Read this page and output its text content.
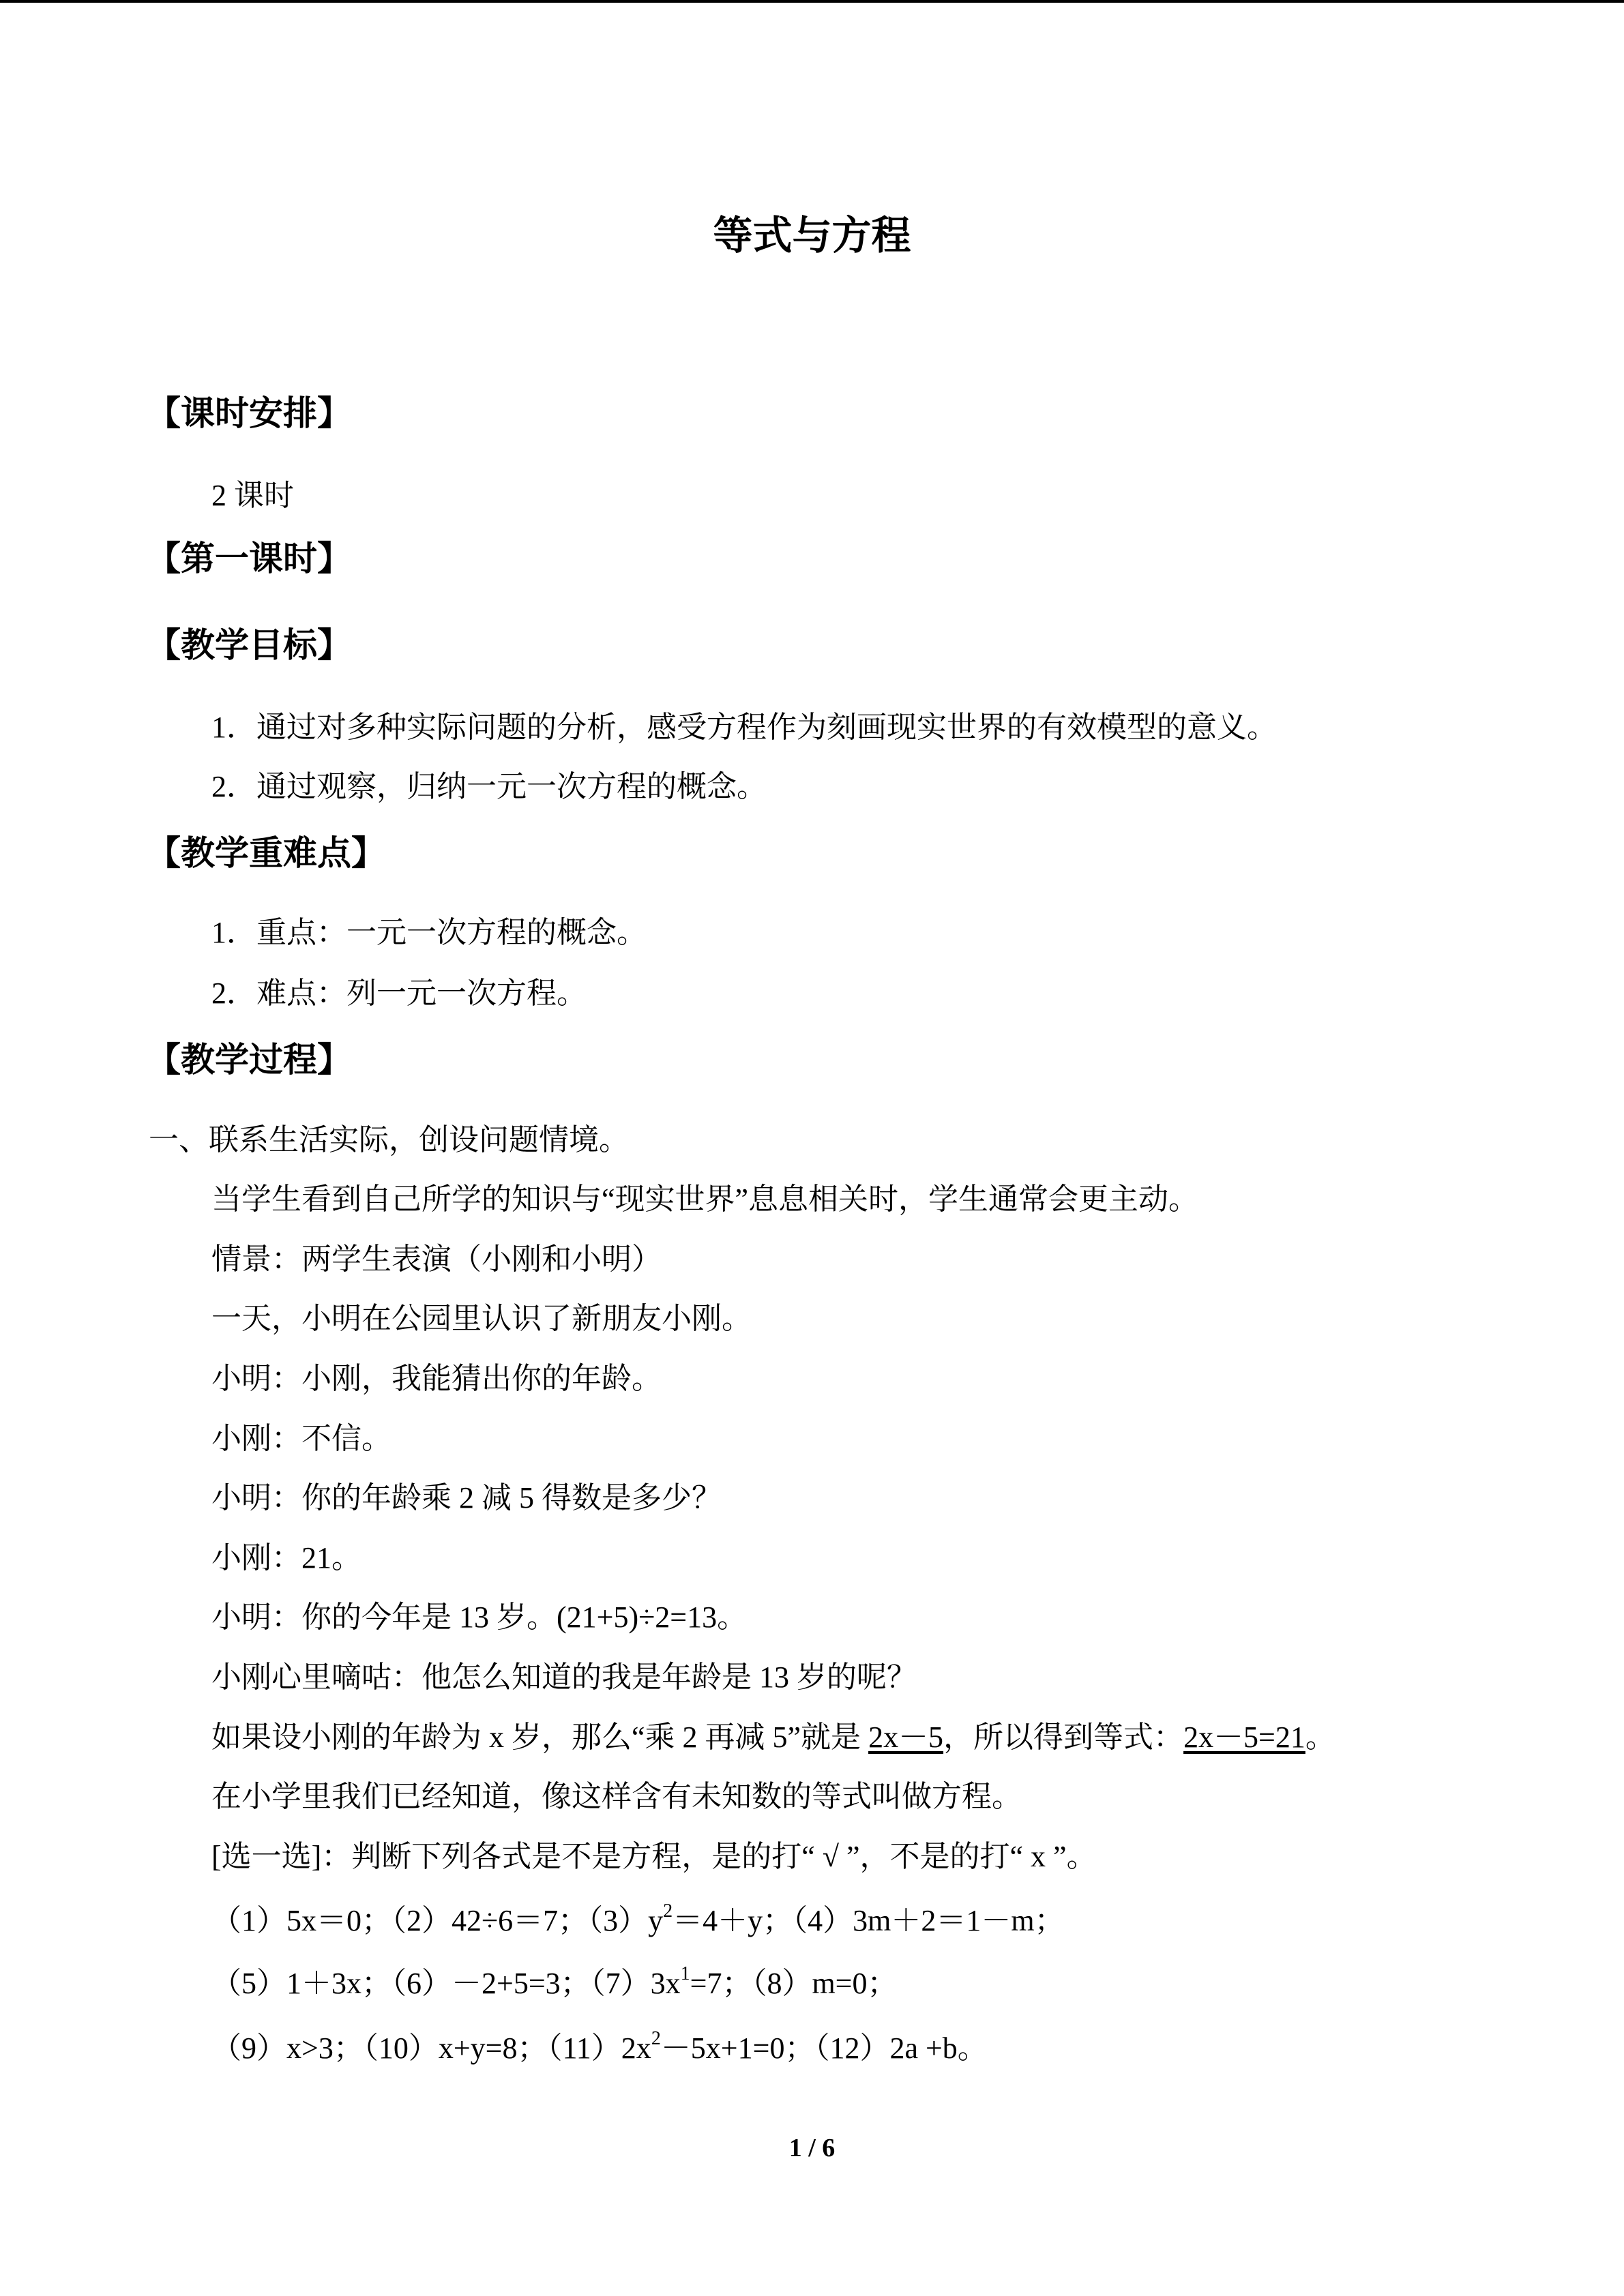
等式与方程
【课时安排】
2 课时
【第一课时】
【教学目标】
1．通过对多种实际问题的分析，感受方程作为刻画现实世界的有效模型的意义。
2．通过观察，归纳一元一次方程的概念。
【教学重难点】
1．重点：一元一次方程的概念。
2．难点：列一元一次方程。
【教学过程】
一、联系生活实际，创设问题情境。
当学生看到自己所学的知识与“现实世界”息息相关时，学生通常会更主动。
情景：两学生表演（小刚和小明）
一天，小明在公园里认识了新朋友小刚。
小明：小刚，我能猜出你的年龄。
小刚：不信。
小明：你的年龄乘 2 减 5 得数是多少？
小刚：21。
小明：你的今年是 13 岁。(21+5)÷2=13。
小刚心里嘀咕：他怎么知道的我是年龄是 13 岁的呢？
如果设小刚的年龄为 x 岁，那么“乘 2 再减 5”就是 2x－5，所以得到等式：2x－5=21。
在小学里我们已经知道，像这样含有未知数的等式叫做方程。
[选一选]：判断下列各式是不是方程，是的打“ √ ”，不是的打“ x ”。
（1）5x＝0；（2）42÷6＝7；$(3)y^2=4+y$；（4）3m＋2＝1－m；
（5）1＋3x；（6）－2+5=3；$(7)3x^1=7$；（8）m=0；
（9）x>3；（10）x+y=8；$(11)2x^2-5x+1=0$；（12）2a +b。
1 / 6
